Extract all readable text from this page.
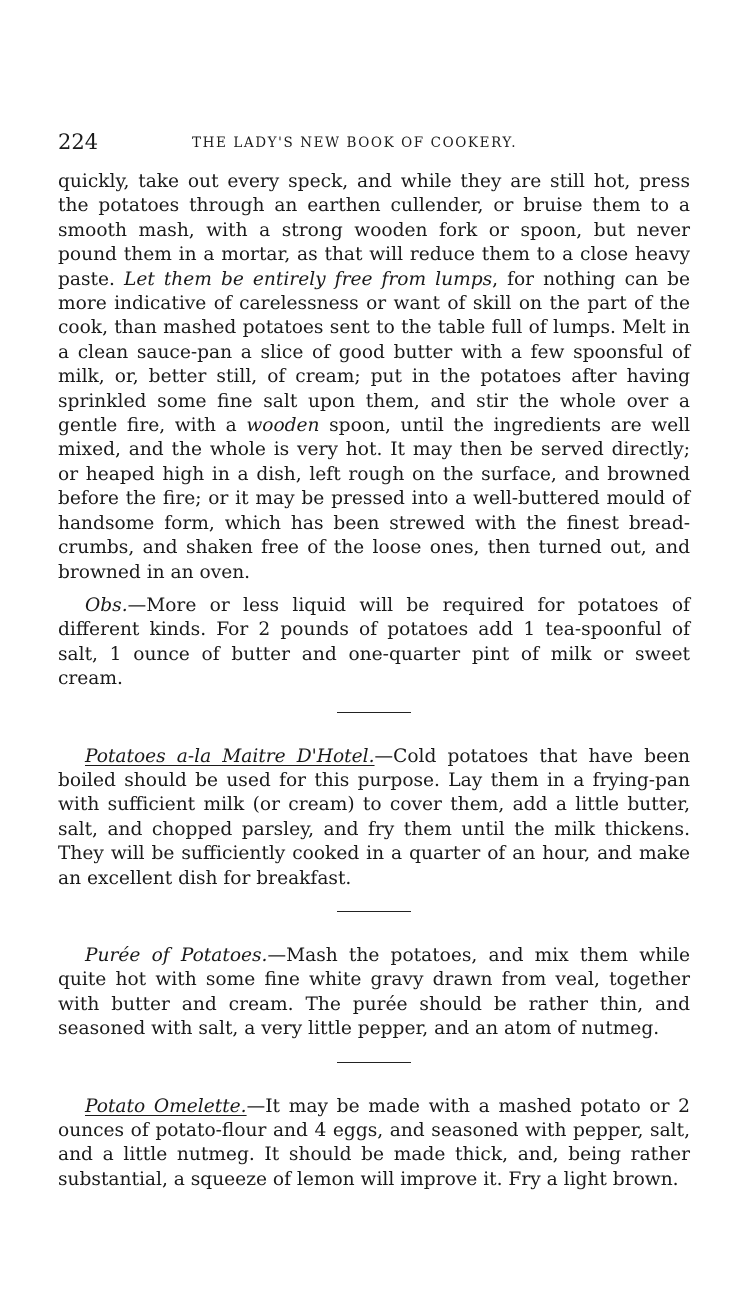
224	THE LADY'S NEW BOOK OF COOKERY.

quickly, take out every speck, and while they are still hot, press the potatoes through an earthen cullender, or bruise them to a smooth mash, with a strong wooden fork or spoon, but never pound them in a mortar, as that will reduce them to a close heavy paste. Let them be entirely free from lumps, for nothing can be more indicative of carelessness or want of skill on the part of the cook, than mashed potatoes sent to the table full of lumps. Melt in a clean sauce-pan a slice of good butter with a few spoonsful of milk, or, better still, of cream; put in the potatoes after having sprinkled some fine salt upon them, and stir the whole over a gentle fire, with a wooden spoon, until the ingredients are well mixed, and the whole is very hot. It may then be served directly; or heaped high in a dish, left rough on the surface, and browned before the fire; or it may be pressed into a well-buttered mould of handsome form, which has been strewed with the finest bread-crumbs, and shaken free of the loose ones, then turned out, and browned in an oven.

Obs.—More or less liquid will be required for potatoes of different kinds. For 2 pounds of potatoes add 1 tea-spoonful of salt, 1 ounce of butter and one-quarter pint of milk or sweet cream.

Potatoes a-la Maitre D'Hotel.—Cold potatoes that have been boiled should be used for this purpose. Lay them in a frying-pan with sufficient milk (or cream) to cover them, add a little butter, salt, and chopped parsley, and fry them until the milk thickens. They will be sufficiently cooked in a quarter of an hour, and make an excellent dish for breakfast.

Purée of Potatoes.—Mash the potatoes, and mix them while quite hot with some fine white gravy drawn from veal, together with butter and cream. The purée should be rather thin, and seasoned with salt, a very little pepper, and an atom of nutmeg.

Potato Omelette.—It may be made with a mashed potato or 2 ounces of potato-flour and 4 eggs, and seasoned with pepper, salt, and a little nutmeg. It should be made thick, and, being rather substantial, a squeeze of lemon will improve it. Fry a light brown.
